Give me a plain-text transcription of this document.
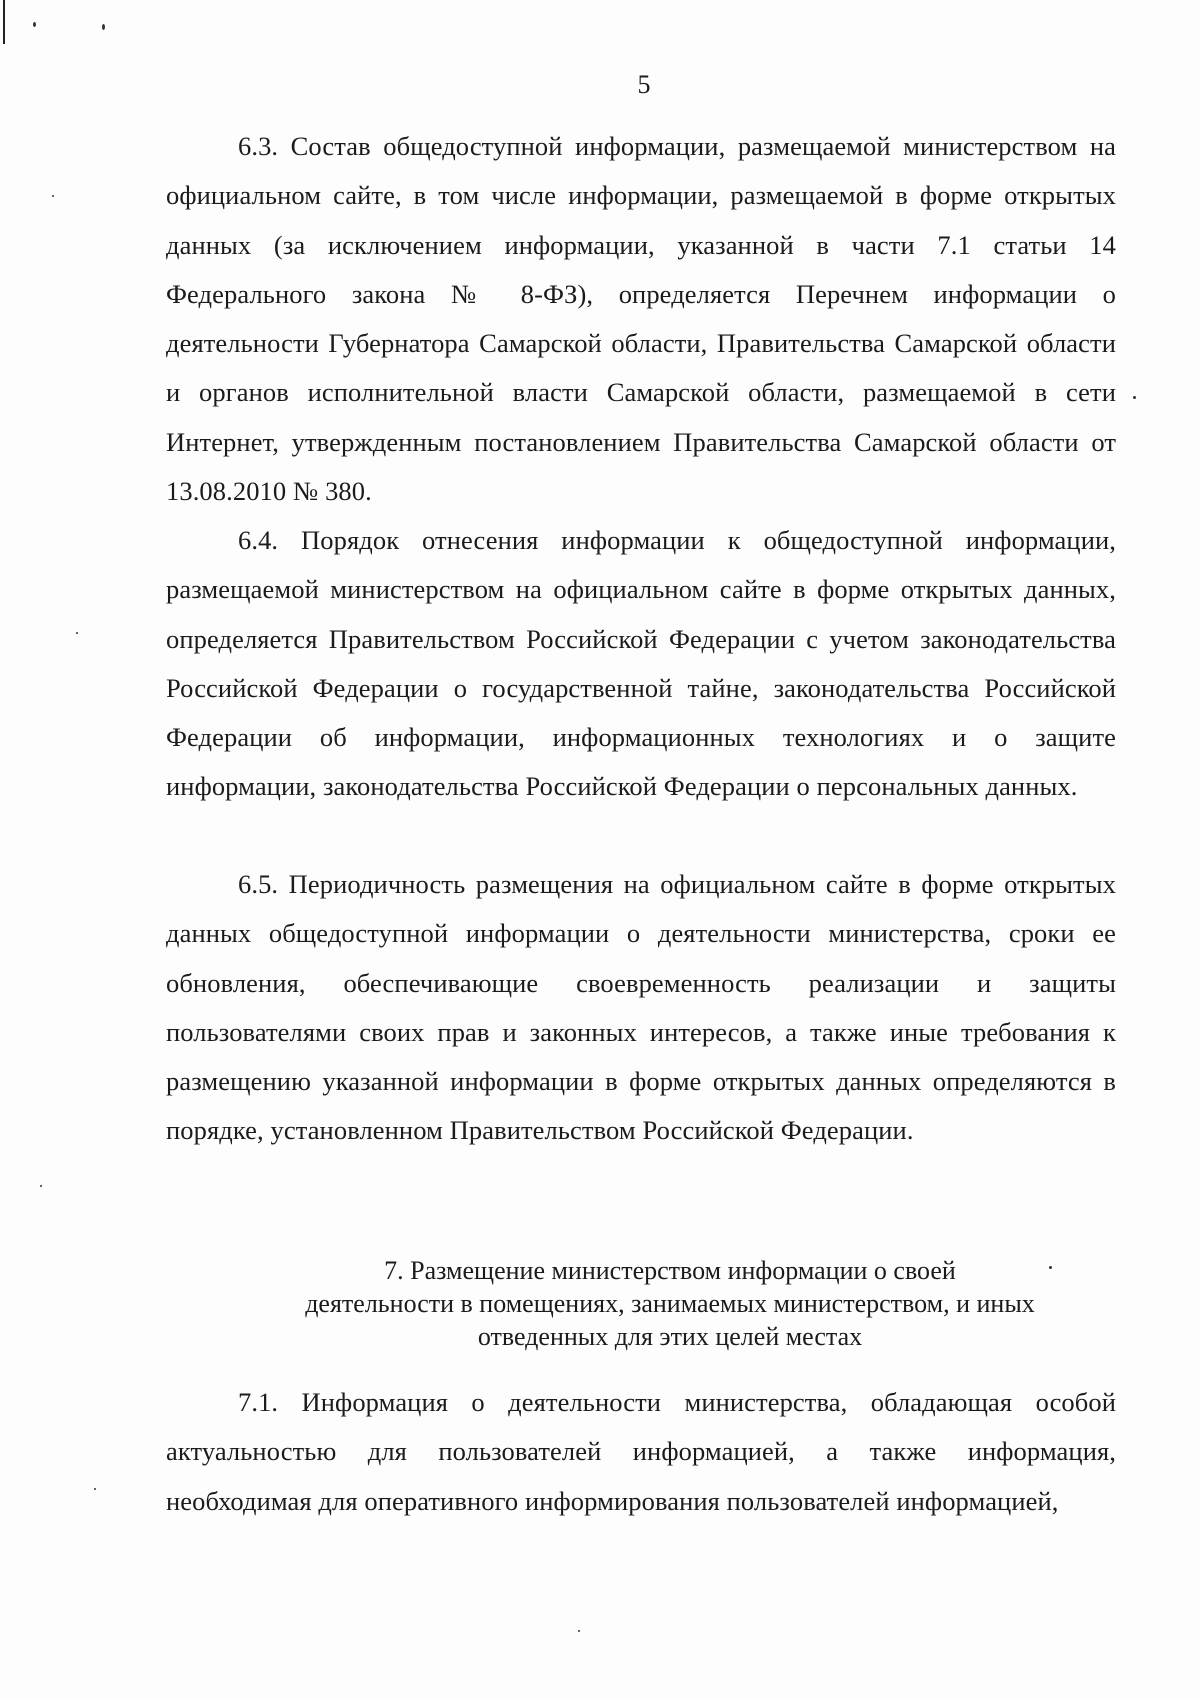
5

6.3. Состав общедоступной информации, размещаемой министерством на официальном сайте, в том числе информации, размещаемой в форме открытых данных (за исключением информации, указанной в части 7.1 статьи 14 Федерального закона № 8-ФЗ), определяется Перечнем информации о деятельности Губернатора Самарской области, Правительства Самарской области и органов исполнительной власти Самарской области, размещаемой в сети Интернет, утвержденным постановлением Правительства Самарской области от 13.08.2010 № 380.

6.4. Порядок отнесения информации к общедоступной информации, размещаемой министерством на официальном сайте в форме открытых данных, определяется Правительством Российской Федерации с учетом законодательства Российской Федерации о государственной тайне, законодательства Российской Федерации об информации, информационных технологиях и о защите информации, законодательства Российской Федерации о персональных данных.

6.5. Периодичность размещения на официальном сайте в форме открытых данных общедоступной информации о деятельности министерства, сроки ее обновления, обеспечивающие своевременность реализации и защиты пользователями своих прав и законных интересов, а также иные требования к размещению указанной информации в форме открытых данных определяются в порядке, установленном Правительством Российской Федерации.

7. Размещение министерством информации о своей
деятельности в помещениях, занимаемых министерством, и иных
отведенных для этих целей местах

7.1. Информация о деятельности министерства, обладающая особой актуальностью для пользователей информацией, а также информация, необходимая для оперативного информирования пользователей информацией,
